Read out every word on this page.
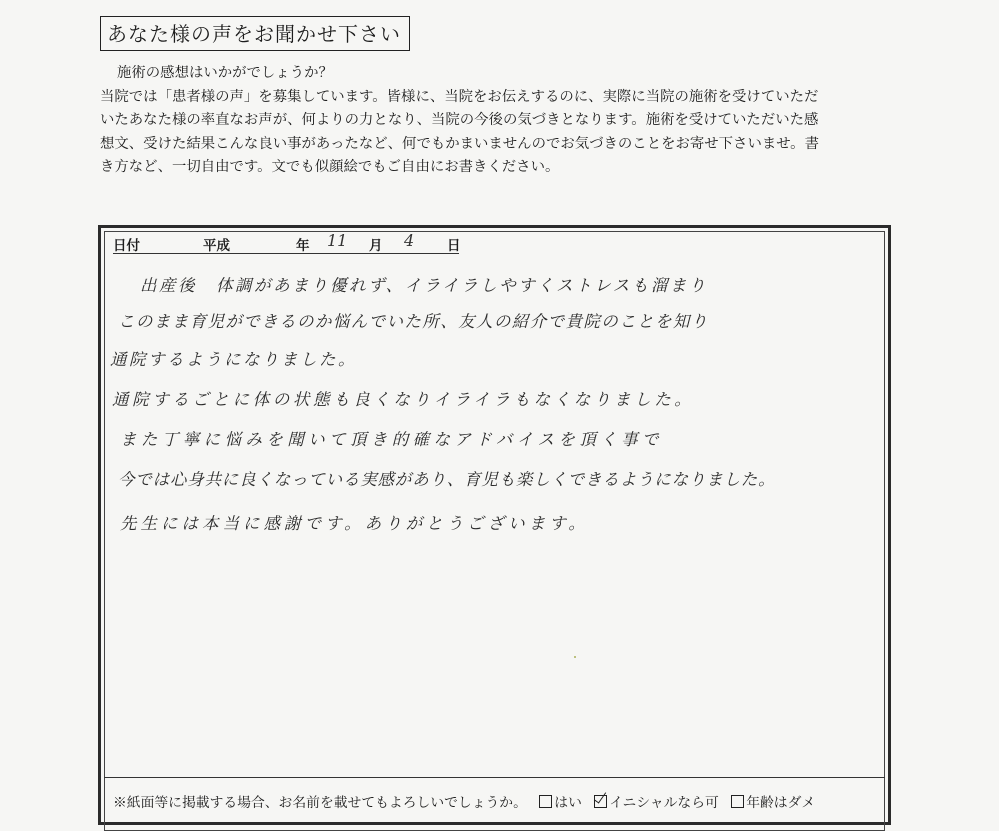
あなた様の声をお聞かせ下さい

施術の感想はいかがでしょうか？

当院では「患者様の声」を募集しています。皆様に、当院をお伝えするのに、実際に当院の施術を受けていただ

いたあなた様の率直なお声が、何よりの力となり、当院の今後の気づきとなります。施術を受けていただいた感

想文、受けた結果こんな良い事があったなど、何でもかまいませんのでお気づきのことをお寄せ下さいませ。書

き方など、一切自由です。文でも似顔絵でもご自由にお書きください。

日付	平成	年 11 月 4 日
出産後　体調があまり優れず、イライラしやすくストレスも溜まり
このまま育児ができるのか悩んでいた所、友人の紹介で貴院のことを知り
通院するようになりました。
通院するごとに体の状態も良くなりイライラもなくなりました。
また丁寧に悩みを聞いて頂き的確なアドバイスを頂く事で
今では心身共に良くなっている実感があり、育児も楽しくできるようになりました。
先生には本当に感謝です。ありがとうございます。
※紙面等に掲載する場合、お名前を載せてもよろしいでしょうか。 はい イニシャルなら可 年齢はダメ
